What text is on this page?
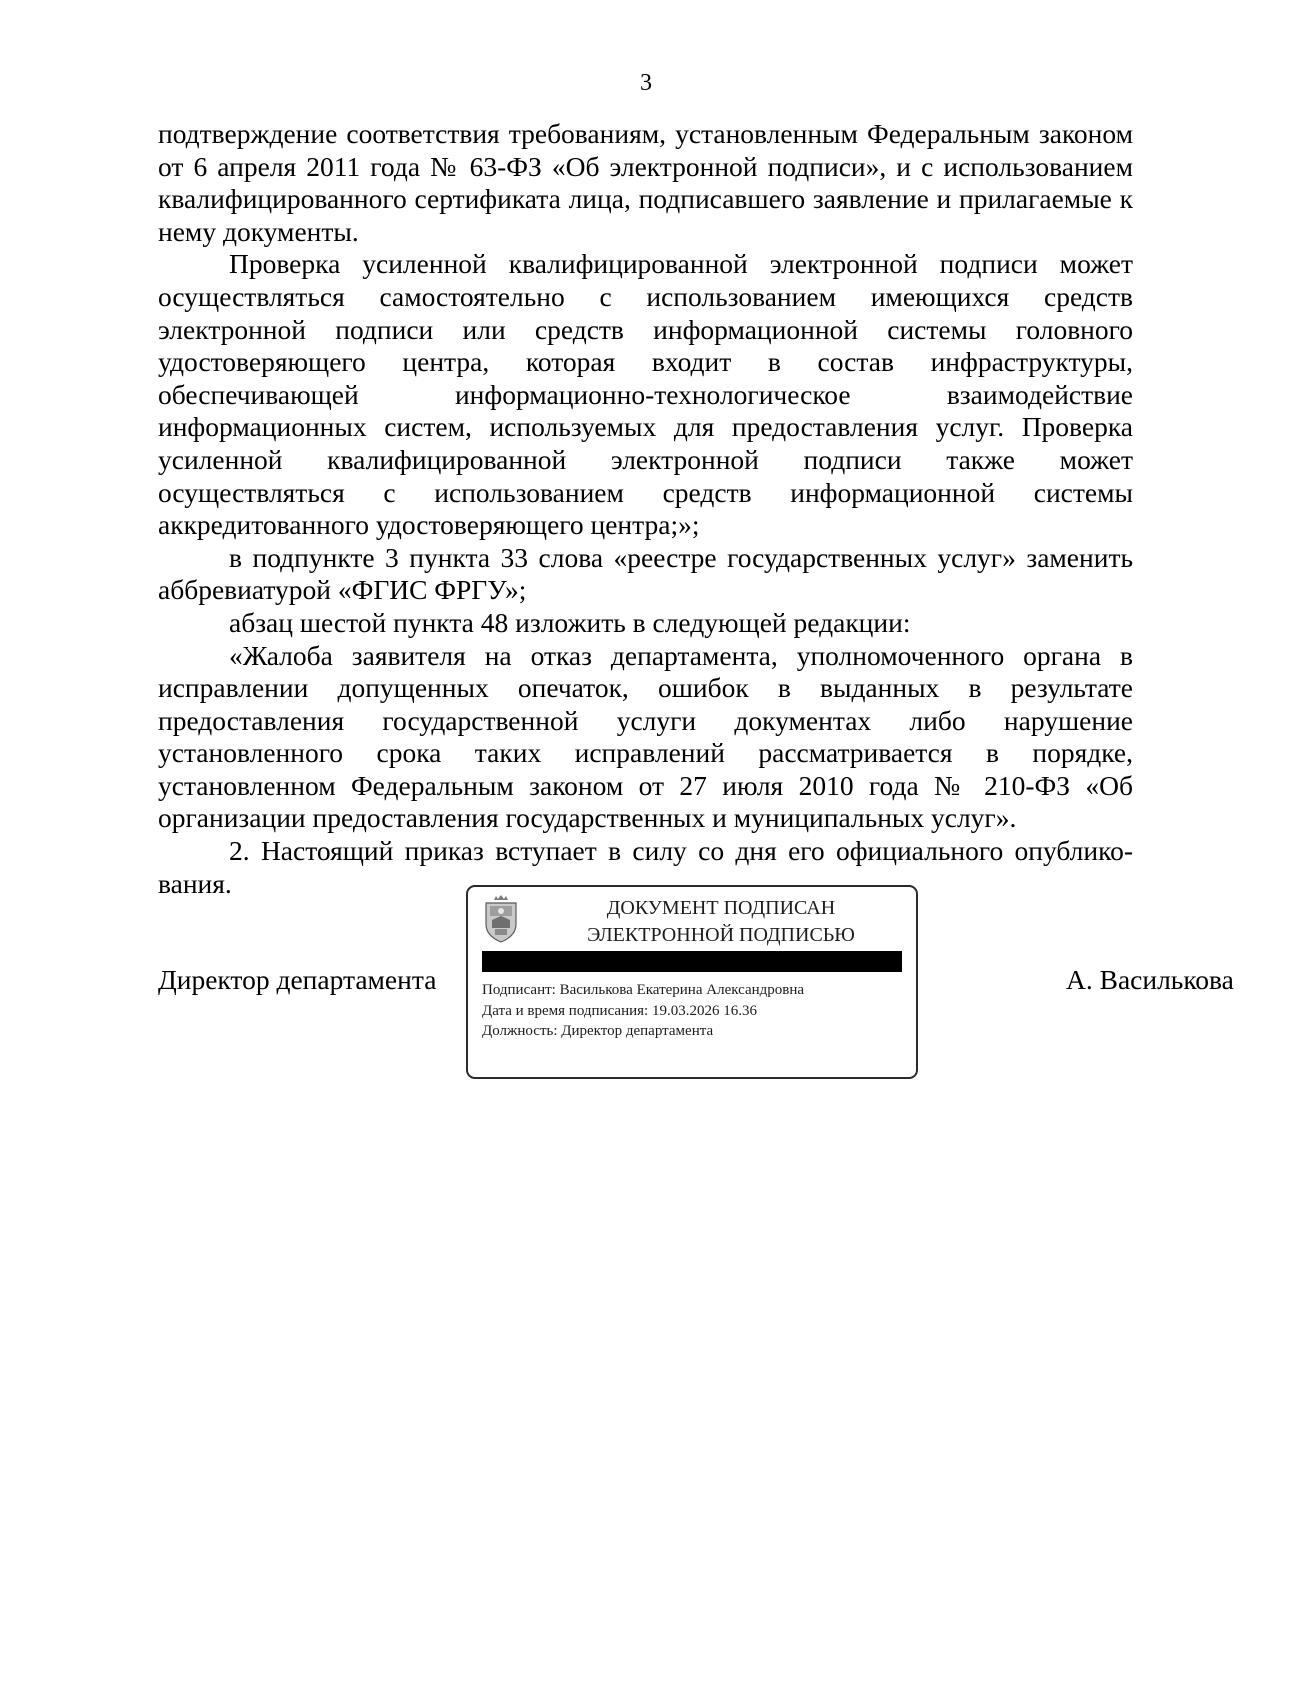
3

подтверждение соответствия требованиям, установленным Федеральным законом от 6 апреля 2011 года № 63-ФЗ «Об электронной подписи», и с использованием квалифицированного сертификата лица, подписавшего заявление и прилагаемые к нему документы.

Проверка усиленной квалифицированной электронной подписи может осуществляться самостоятельно с использованием имеющихся средств электронной подписи или средств информационной системы головного удостоверяющего центра, которая входит в состав инфраструктуры, обеспечивающей информационно-технологическое взаимодействие информационных систем, используемых для предоставления услуг. Проверка усиленной квалифицированной электронной подписи также может осуществляться с использованием средств информационной системы аккредитованного удостоверяющего центра;»;

в подпункте 3 пункта 33 слова «реестре государственных услуг» заменить аббревиатурой «ФГИС ФРГУ»;

абзац шестой пункта 48 изложить в следующей редакции:

«Жалоба заявителя на отказ департамента, уполномоченного органа в исправлении допущенных опечаток, ошибок в выданных в результате предоставления государственной услуги документах либо нарушение установленного срока таких исправлений рассматривается в порядке, установленном Федеральным законом от 27 июля 2010 года № 210-ФЗ «Об организации предоставления государственных и муниципальных услуг».

2. Настоящий приказ вступает в силу со дня его официального опублико-вания.

Директор департамента	А. Василькова
ДОКУМЕНТ ПОДПИСАН
ЭЛЕКТРОННОЙ ПОДПИСЬЮ
Подписант: Василькова Екатерина Александровна
Дата и время подписания: 19.03.2026 16.36
Должность: Директор департамента
